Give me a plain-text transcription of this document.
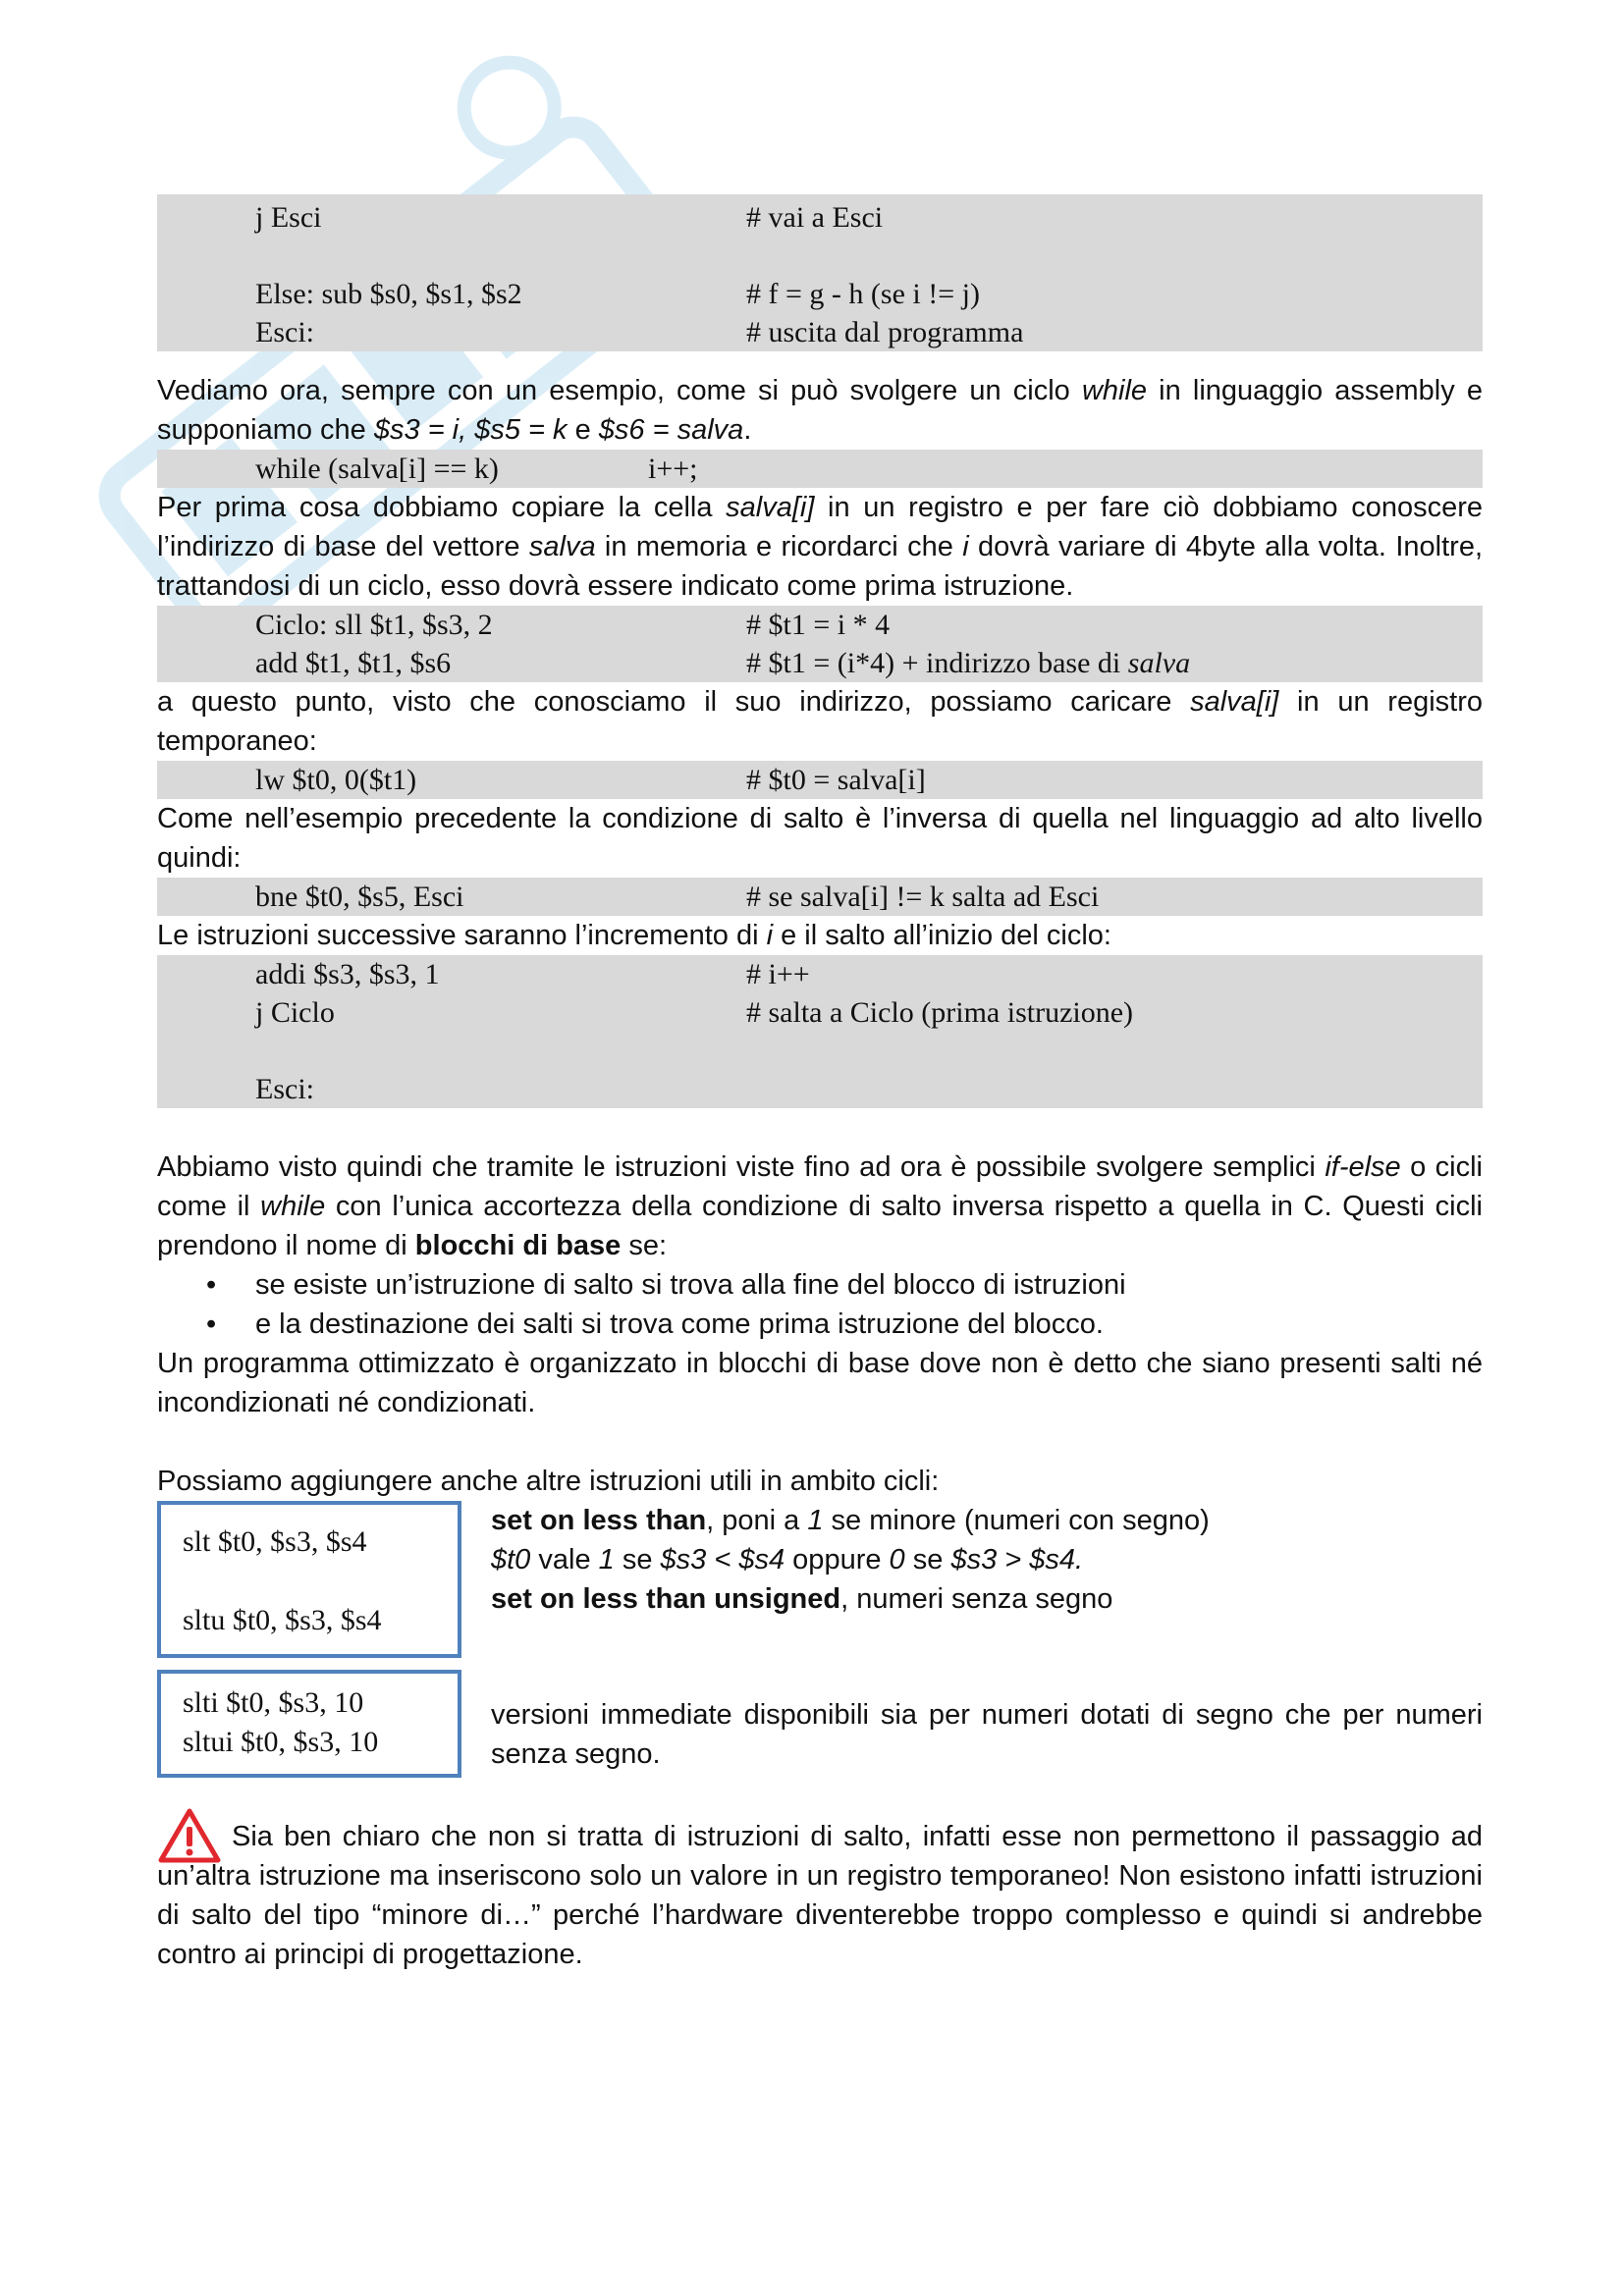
j Esci	# vai a Esci
Else: sub $s0, $s1, $s2	# f = g - h (se i != j)
Esci:	# uscita dal programma
Vediamo ora, sempre con un esempio, come si può svolgere un ciclo while in linguaggio assembly e supponiamo che $s3 = i, $s5 = k e $s6 = salva.
while (salva[i] == k)	i++;
Per prima cosa dobbiamo copiare la cella salva[i] in un registro e per fare ciò dobbiamo conoscere l’indirizzo di base del vettore salva in memoria e ricordarci che i dovrà variare di 4byte alla volta. Inoltre, trattandosi di un ciclo, esso dovrà essere indicato come prima istruzione.
Ciclo: sll $t1, $s3, 2	# $t1 = i * 4
add $t1, $t1, $s6	# $t1 = (i*4) + indirizzo base di salva
a questo punto, visto che conosciamo il suo indirizzo, possiamo caricare salva[i] in un registro temporaneo:
lw $t0, 0($t1)	# $t0 = salva[i]
Come nell’esempio precedente la condizione di salto è l’inversa di quella nel linguaggio ad alto livello quindi:
bne $t0, $s5, Esci	# se salva[i] != k salta ad Esci
Le istruzioni successive saranno l’incremento di i e il salto all’inizio del ciclo:
addi $s3, $s3, 1	# i++
j Ciclo	# salta a Ciclo (prima istruzione)
Esci:
Abbiamo visto quindi che tramite le istruzioni viste fino ad ora è possibile svolgere semplici if-else o cicli come il while con l’unica accortezza della condizione di salto inversa rispetto a quella in C. Questi cicli prendono il nome di blocchi di base se:
• se esiste un’istruzione di salto si trova alla fine del blocco di istruzioni
• e la destinazione dei salti si trova come prima istruzione del blocco.
Un programma ottimizzato è organizzato in blocchi di base dove non è detto che siano presenti salti né incondizionati né condizionati.
Possiamo aggiungere anche altre istruzioni utili in ambito cicli:
slt $t0, $s3, $s4
sltu $t0, $s3, $s4
set on less than, poni a 1 se minore (numeri con segno)
$t0 vale 1 se $s3 < $s4 oppure 0 se $s3 > $s4.
set on less than unsigned, numeri senza segno
slti $t0, $s3, 10
sltui $t0, $s3, 10
versioni immediate disponibili sia per numeri dotati di segno che per numeri senza segno.
Sia ben chiaro che non si tratta di istruzioni di salto, infatti esse non permettono il passaggio ad un’altra istruzione ma inseriscono solo un valore in un registro temporaneo! Non esistono infatti istruzioni di salto del tipo “minore di…” perché l’hardware diventerebbe troppo complesso e quindi si andrebbe contro ai principi di progettazione.
